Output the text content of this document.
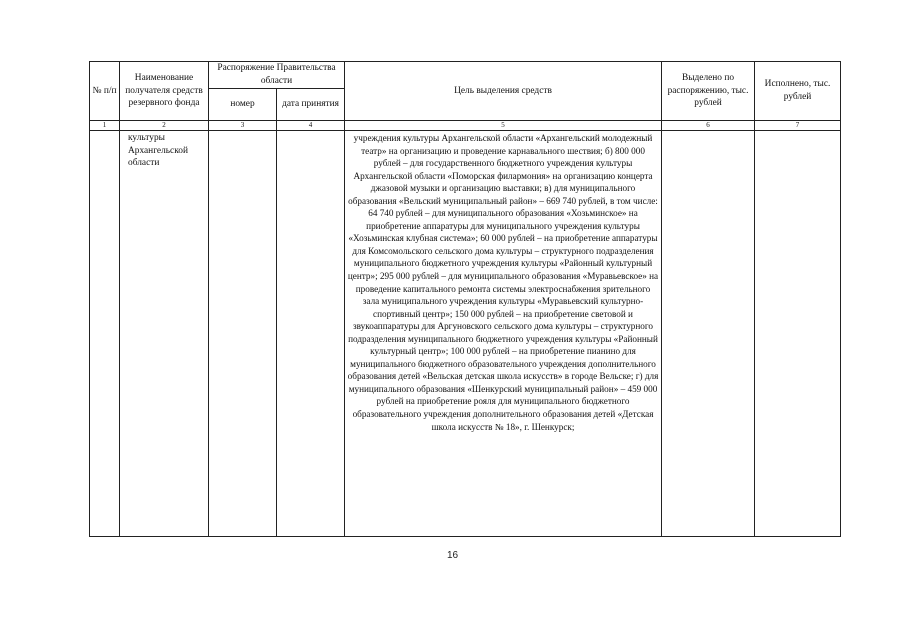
№ п/п	Наименование получателя средств резервного фонда	Распоряжение Правительства области		Цель выделения средств	Выделено по распоряжению, тыс. рублей	Исполнено, тыс. рублей
		номер	дата принятия			
1	2	3	4	5	6	7
	культуры Архангельской области			учреждения культуры Архангельской области «Архангельский молодежный театр» на организацию и проведение карнавального шествия; б) 800 000 рублей – для государственного бюджетного учреждения культуры Архангельской области «Поморская филармония» на организацию концерта джазовой музыки и организацию выставки; в) для муниципального образования «Вельский муниципальный район» – 669 740 рублей, в том числе: 64 740 рублей – для муниципального образования «Хозьминское» на приобретение аппаратуры для муниципального учреждения культуры «Хозьминская клубная система»; 60 000 рублей – на приобретение аппаратуры для Комсомольского сельского дома культуры – структурного подразделения муниципального бюджетного учреждения культуры «Районный культурный центр»; 295 000 рублей – для муниципального образования «Муравьевское» на проведение капитального ремонта системы электроснабжения зрительного зала муниципального учреждения культуры «Муравьевский культурно-спортивный центр»; 150 000 рублей – на приобретение световой и звукоаппаратуры для Аргуновского сельского дома культуры – структурного подразделения муниципального бюджетного учреждения культуры «Районный культурный центр»; 100 000 рублей – на приобретение пианино для муниципального бюджетного образовательного учреждения дополнительного образования детей «Вельская детская школа искусств» в городе Вельске; г) для муниципального образования «Шенкурский муниципальный район» – 459 000 рублей на приобретение рояля для муниципального бюджетного образовательного учреждения дополнительного образования детей «Детская школа искусств № 18», г. Шенкурск;		
16
